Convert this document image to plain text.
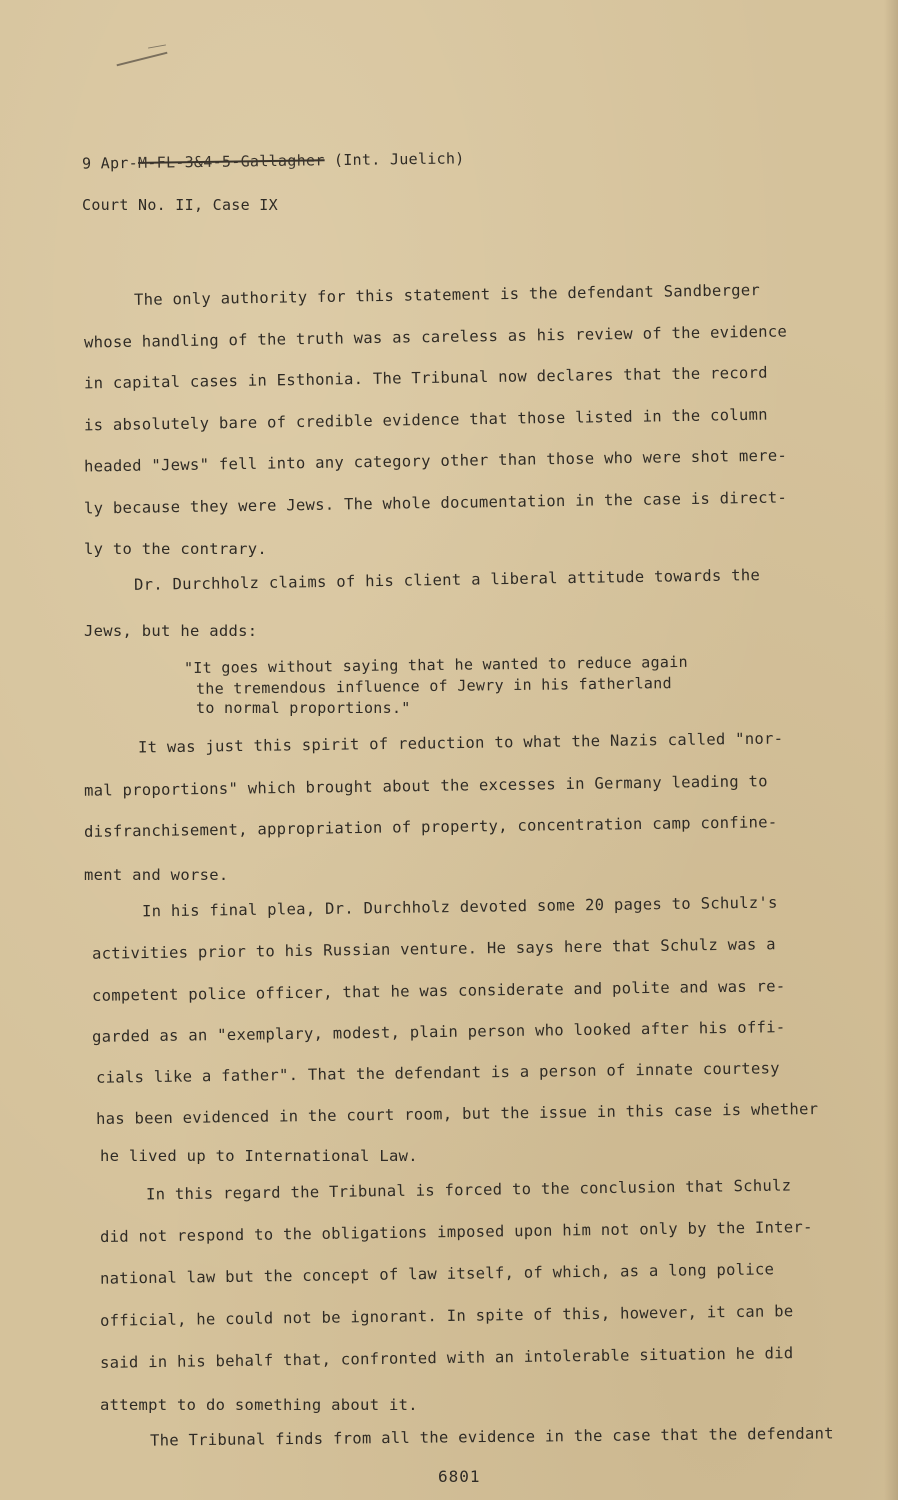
9 Apr-M-FL-3&4-5-Gallagher (Int. Juelich)
Court No. II, Case IX
The only authority for this statement is the defendant Sandberger
whose handling of the truth was as careless as his review of the evidence
in capital cases in Esthonia. The Tribunal now declares that the record
is absolutely bare of credible evidence that those listed in the column
headed "Jews" fell into any category other than those who were shot mere-
ly because they were Jews. The whole documentation in the case is direct-
ly to the contrary.
Dr. Durchholz claims of his client a liberal attitude towards the
Jews, but he adds:
"It goes without saying that he wanted to reduce again
the tremendous influence of Jewry in his fatherland
to normal proportions."
It was just this spirit of reduction to what the Nazis called "nor-
mal proportions" which brought about the excesses in Germany leading to
disfranchisement, appropriation of property, concentration camp confine-
ment and worse.
In his final plea, Dr. Durchholz devoted some 20 pages to Schulz's
activities prior to his Russian venture. He says here that Schulz was a
competent police officer, that he was considerate and polite and was re-
garded as an "exemplary, modest, plain person who looked after his offi-
cials like a father". That the defendant is a person of innate courtesy
has been evidenced in the court room, but the issue in this case is whether
he lived up to International Law.
In this regard the Tribunal is forced to the conclusion that Schulz
did not respond to the obligations imposed upon him not only by the Inter-
national law but the concept of law itself, of which, as a long police
official, he could not be ignorant. In spite of this, however, it can be
said in his behalf that, confronted with an intolerable situation he did
attempt to do something about it.
The Tribunal finds from all the evidence in the case that the defendant
6801
